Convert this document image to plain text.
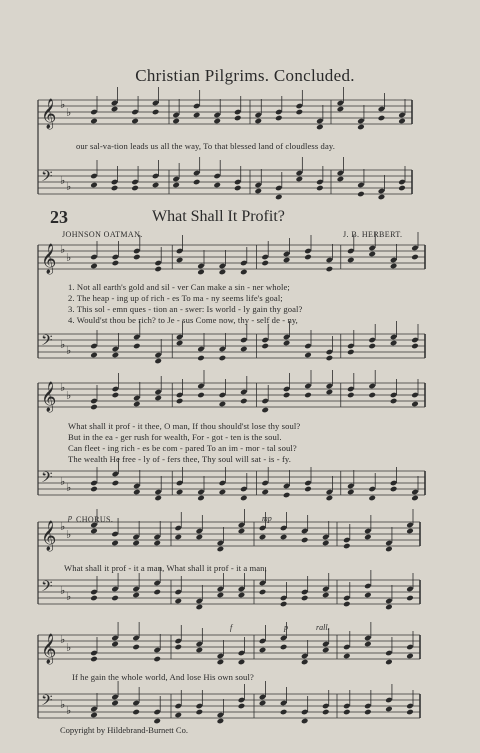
Christian Pilgrims. Concluded.
23	What Shall It Profit?
JOHNSON OATMAN.	J. B. HERBERT.
𝄞 ♭
♭
𝄢 ♭ ♭
𝄞 ♭
♭
𝄢 ♭ ♭
𝄞 ♭
♭
𝄢 ♭ ♭
𝄞 ♭
♭
𝄢 ♭ ♭
𝄞 ♭
♭
𝄢 ♭ ♭
our sal-va-tion leads us all the way, To that blessed land of cloudless day.
1. Not all earth's gold and sil - ver Can make a sin - ner whole;
2. The heap - ing up of rich - es To ma - ny seems life's goal;
3. This sol - emn ques - tion an - swer: Is world - ly gain thy goal?
4. Would'st thou be rich? to Je - sus Come now, thy - self de - ny,
What shall it prof - it thee, O man, If thou should'st lose thy soul?
But in the ea - ger rush for wealth, For - got - ten is the soul.
Can fleet - ing rich - es be com - pared To an im - mor - tal soul?
The wealth He free - ly of - fers thee, Thy soul will sat - is - fy.
p CHORUS.	mp
What shall it prof - it a man, What shall it prof - it a man,
f	p	rall.
If he gain the whole world, And lose His own soul?
Copyright by Hildebrand-Burnett Co.
